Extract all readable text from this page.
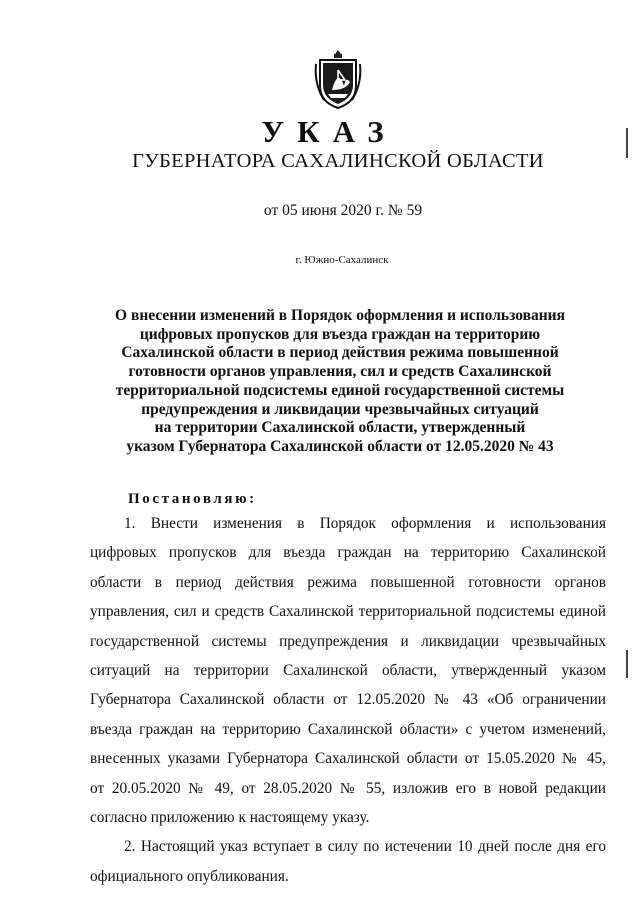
УКАЗ
ГУБЕРНАТОРА САХАЛИНСКОЙ ОБЛАСТИ
от 05 июня 2020 г. № 59
г. Южно-Сахалинск
О внесении изменений в Порядок оформления и использования
цифровых пропусков для въезда граждан на территорию
Сахалинской области в период действия режима повышенной
готовности органов управления, сил и средств Сахалинской
территориальной подсистемы единой государственной системы
предупреждения и ликвидации чрезвычайных ситуаций
на территории Сахалинской области, утвержденный
указом Губернатора Сахалинской области от 12.05.2020 № 43
Постановляю:
1. Внести изменения в Порядок оформления и использования
цифровых пропусков для въезда граждан на территорию Сахалинской
области в период действия режима повышенной готовности органов
управления, сил и средств Сахалинской территориальной подсистемы единой
государственной системы предупреждения и ликвидации чрезвычайных
ситуаций на территории Сахалинской области, утвержденный указом
Губернатора Сахалинской области от 12.05.2020 № 43 «Об ограничении
въезда граждан на территорию Сахалинской области» с учетом изменений,
внесенных указами Губернатора Сахалинской области от 15.05.2020 № 45,
от 20.05.2020 № 49, от 28.05.2020 № 55, изложив его в новой редакции
согласно приложению к настоящему указу.
2. Настоящий указ вступает в силу по истечении 10 дней после дня его
официального опубликования.
